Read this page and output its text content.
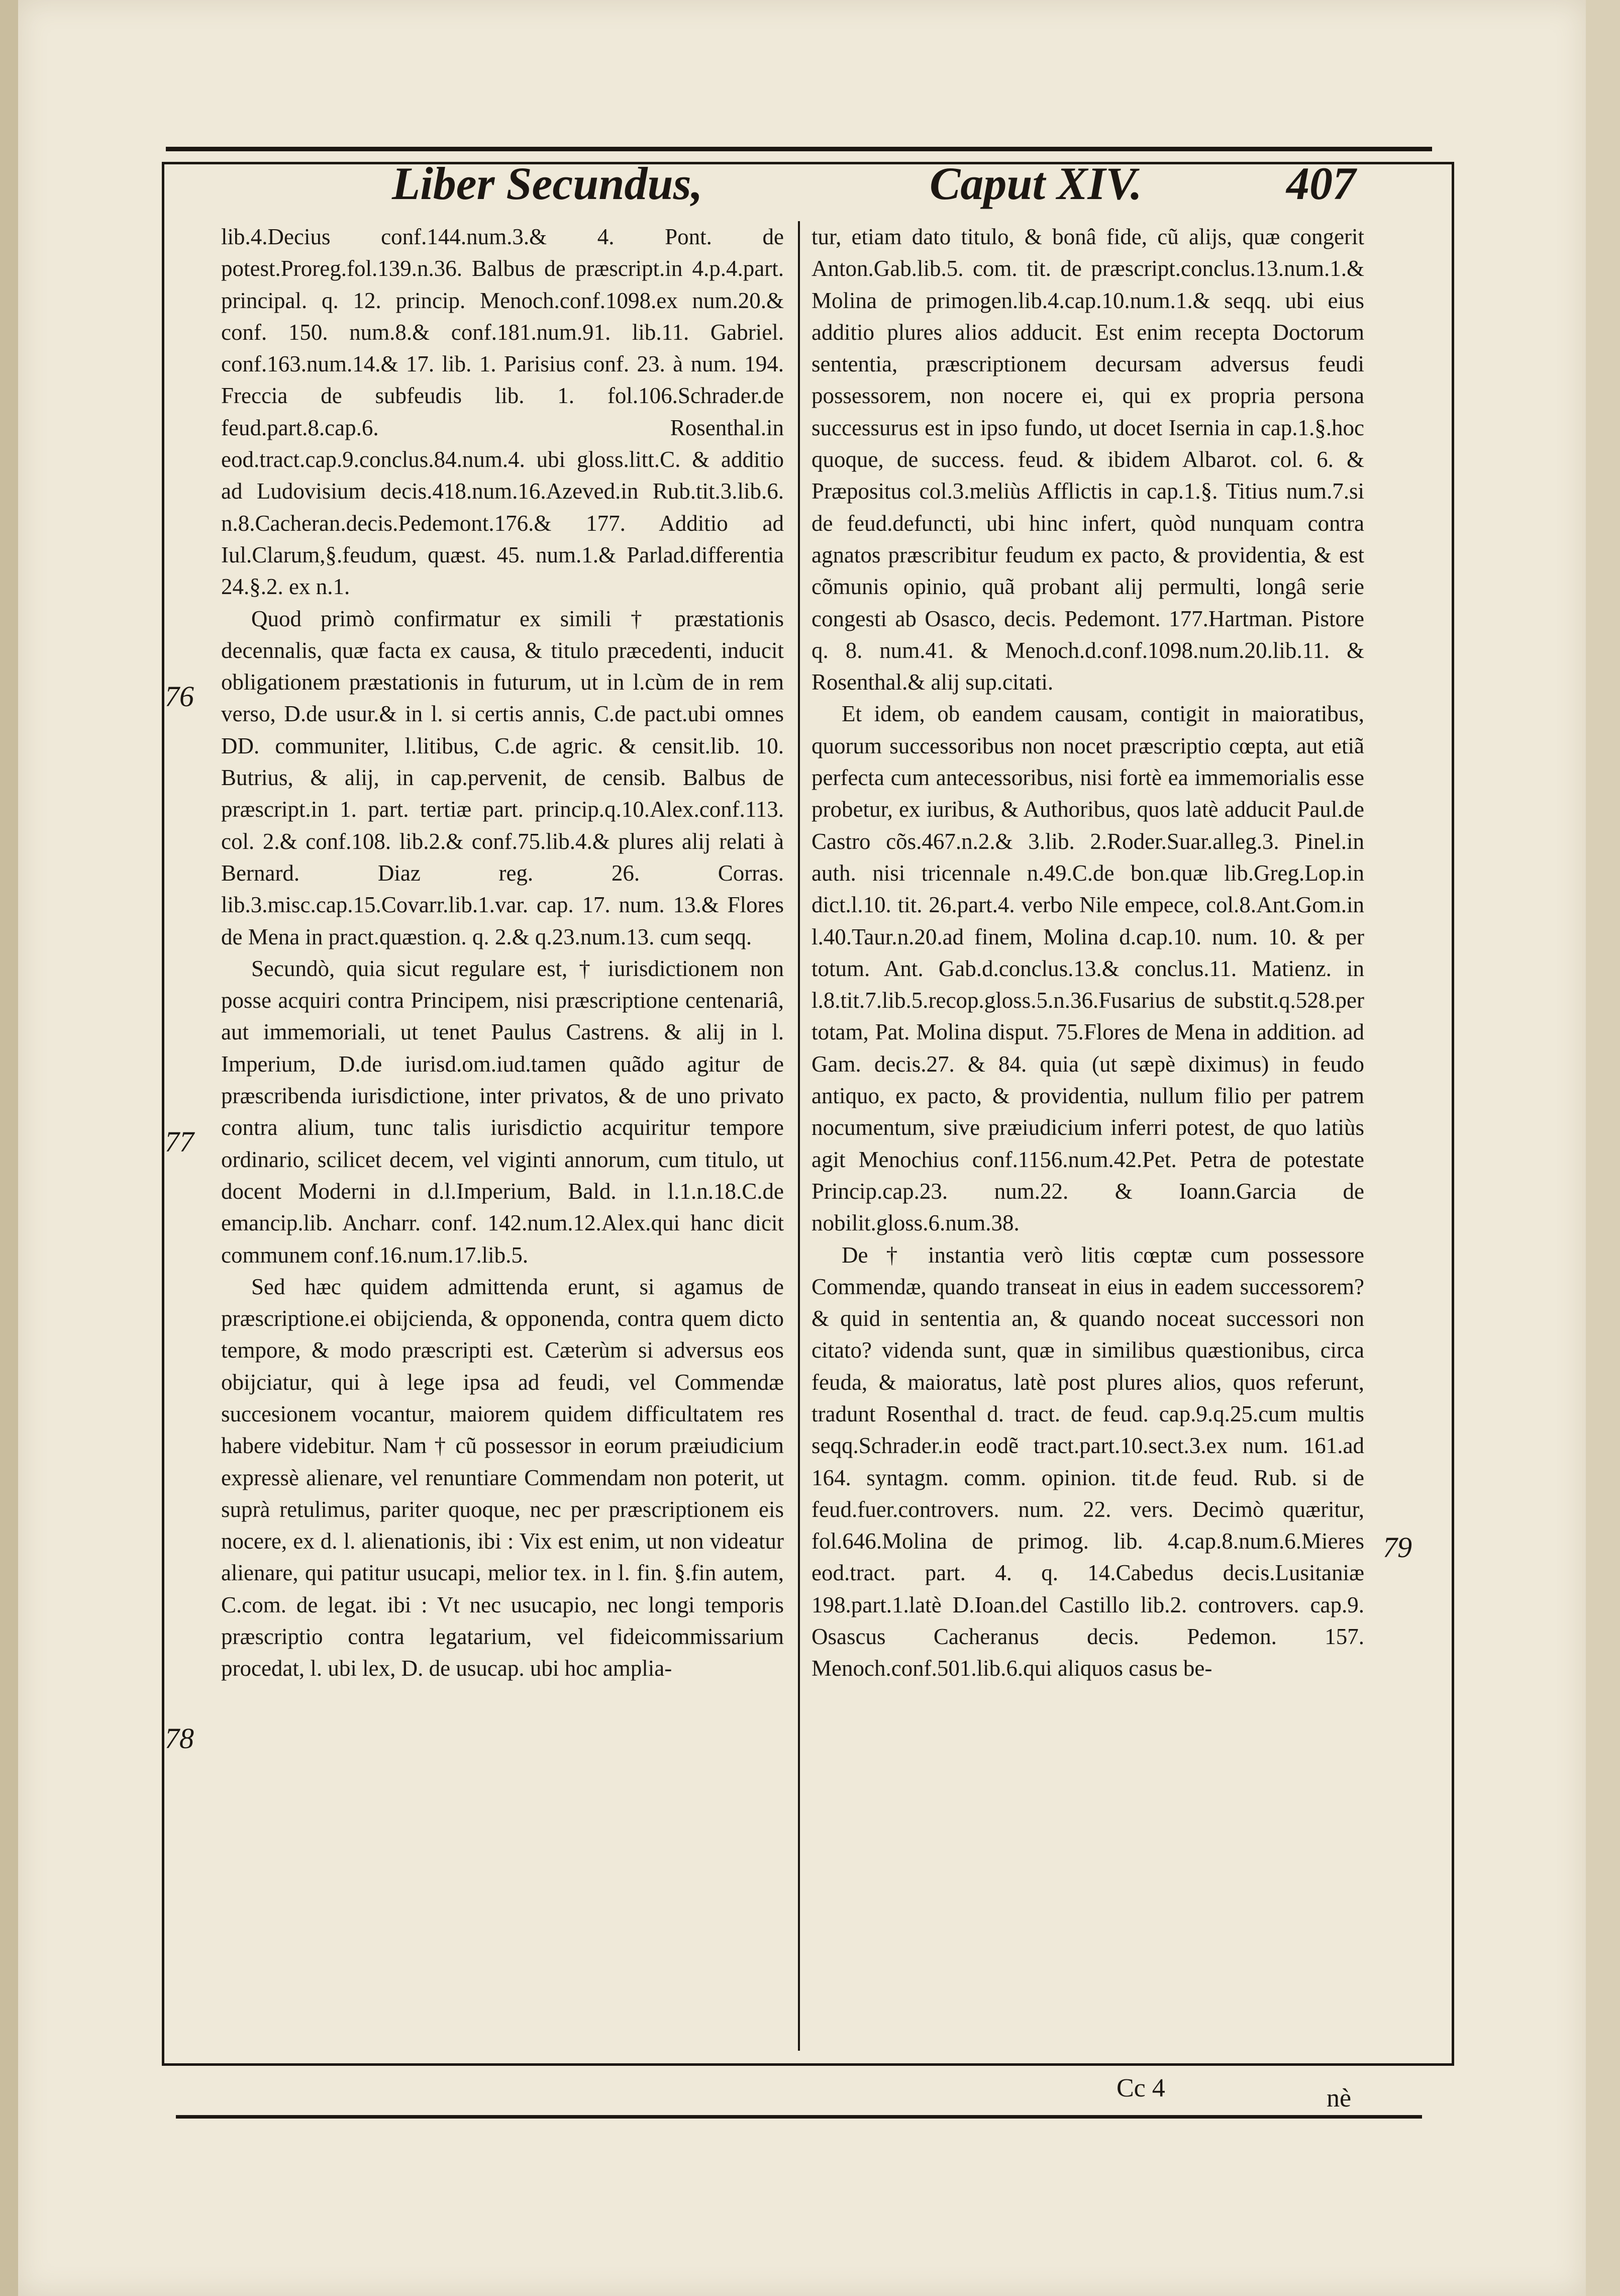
Liber Secundus,	Caput XIV.	407

lib.4.Decius conf.144.num.3.& 4. Pont. de potest.Proreg.fol.139.n.36. Balbus de præscript.in 4.p.4.part. principal. q. 12. princip. Menoch.conf.1098.ex num.20.& conf. 150. num.8.& conf.181.num.91. lib.11. Gabriel. conf.163.num.14.& 17. lib. 1. Parisius conf. 23. à num. 194. Freccia de subfeudis lib. 1. fol.106.Schrader.de feud.part.8.cap.6. Rosenthal.in eod.tract.cap.9.conclus.84.num.4. ubi gloss.litt.C. & additio ad Ludovisium decis.418.num.16.Azeved.in Rub.tit.3.lib.6. n.8.Cacheran.decis.Pedemont.176.& 177. Additio ad Iul.Clarum,§.feudum, quæst. 45. num.1.& Parlad.differentia 24.§.2. ex n.1.

Quod primò confirmatur ex simili † præstationis decennalis, quæ facta ex causa, & titulo præcedenti, inducit obligationem præstationis in futurum, ut in l.cùm de in rem verso, D.de usur.& in l. si certis annis, C.de pact.ubi omnes DD. communiter, l.litibus, C.de agric. & censit.lib. 10. Butrius, & alij, in cap.pervenit, de censib. Balbus de præscript.in 1. part. tertiæ part. princip.q.10.Alex.conf.113. col. 2.& conf.108. lib.2.& conf.75.lib.4.& plures alij relati à Bernard. Diaz reg. 26. Corras. lib.3.misc.cap.15.Covarr.lib.1.var. cap. 17. num. 13.& Flores de Mena in pract.quæstion. q. 2.& q.23.num.13. cum seqq.

Secundò, quia sicut regulare est, † iurisdictionem non posse acquiri contra Principem, nisi præscriptione centenariâ, aut immemoriali, ut tenet Paulus Castrens. & alij in l. Imperium, D.de iurisd.om.iud.tamen quãdo agitur de præscribenda iurisdictione, inter privatos, & de uno privato contra alium, tunc talis iurisdictio acquiritur tempore ordinario, scilicet decem, vel viginti annorum, cum titulo, ut docent Moderni in d.l.Imperium, Bald. in l.1.n.18.C.de emancip.lib. Ancharr. conf. 142.num.12.Alex.qui hanc dicit communem conf.16.num.17.lib.5.

Sed hæc quidem admittenda erunt, si agamus de præscriptione.ei obijcienda, & opponenda, contra quem dicto tempore, & modo præscripti est. Cæterùm si adversus eos obijciatur, qui à lege ipsa ad feudi, vel Commendæ succesionem vocantur, maiorem quidem difficultatem res habere videbitur. Nam † cũ possessor in eorum præiudicium expressè alienare, vel renuntiare Commendam non poterit, ut suprà retulimus, pariter quoque, nec per præscriptionem eis nocere, ex d. l. alienationis, ibi : Vix est enim, ut non videatur alienare, qui patitur usucapi, melior tex. in l. fin. §.fin autem, C.com. de legat. ibi : Vt nec usucapio, nec longi temporis præscriptio contra legatarium, vel fideicommissarium procedat, l. ubi lex, D. de usucap. ubi hoc amplia-

tur, etiam dato titulo, & bonâ fide, cũ alijs, quæ congerit Anton.Gab.lib.5. com. tit. de præscript.conclus.13.num.1.& Molina de primogen.lib.4.cap.10.num.1.& seqq. ubi eius additio plures alios adducit. Est enim recepta Doctorum sententia, præscriptionem decursam adversus feudi possessorem, non nocere ei, qui ex propria persona successurus est in ipso fundo, ut docet Isernia in cap.1.§.hoc quoque, de success. feud. & ibidem Albarot. col. 6. & Præpositus col.3.meliùs Afflictis in cap.1.§. Titius num.7.si de feud.defuncti, ubi hinc infert, quòd nunquam contra agnatos præscribitur feudum ex pacto, & providentia, & est cõmunis opinio, quã probant alij permulti, longâ serie congesti ab Osasco, decis. Pedemont. 177.Hartman. Pistore q. 8. num.41. & Menoch.d.conf.1098.num.20.lib.11. & Rosenthal.& alij sup.citati.

Et idem, ob eandem causam, contigit in maioratibus, quorum successoribus non nocet præscriptio cœpta, aut etiã perfecta cum antecessoribus, nisi fortè ea immemorialis esse probetur, ex iuribus, & Authoribus, quos latè adducit Paul.de Castro cõs.467.n.2.& 3.lib. 2.Roder.Suar.alleg.3. Pinel.in auth. nisi tricennale n.49.C.de bon.quæ lib.Greg.Lop.in dict.l.10. tit. 26.part.4. verbo Nile empece, col.8.Ant.Gom.in l.40.Taur.n.20.ad finem, Molina d.cap.10. num. 10. & per totum. Ant. Gab.d.conclus.13.& conclus.11. Matienz. in l.8.tit.7.lib.5.recop.gloss.5.n.36.Fusarius de substit.q.528.per totam, Pat. Molina disput. 75.Flores de Mena in addition. ad Gam. decis.27. & 84. quia (ut sæpè diximus) in feudo antiquo, ex pacto, & providentia, nullum filio per patrem nocumentum, sive præiudicium inferri potest, de quo latiùs agit Menochius conf.1156.num.42.Pet. Petra de potestate Princip.cap.23. num.22. & Ioann.Garcia de nobilit.gloss.6.num.38.

De † instantia verò litis cœptæ cum possessore Commendæ, quando transeat in eius in eadem successorem? & quid in sententia an, & quando noceat successori non citato? videnda sunt, quæ in similibus quæstionibus, circa feuda, & maioratus, latè post plures alios, quos referunt, tradunt Rosenthal d. tract. de feud. cap.9.q.25.cum multis seqq.Schrader.in eodẽ tract.part.10.sect.3.ex num. 161.ad 164. syntagm. comm. opinion. tit.de feud. Rub. si de feud.fuer.controvers. num. 22. vers. Decimò quæritur, fol.646.Molina de primog. lib. 4.cap.8.num.6.Mieres eod.tract. part. 4. q. 14.Cabedus decis.Lusitaniæ 198.part.1.latè D.Ioan.del Castillo lib.2. controvers. cap.9. Osascus Cacheranus decis. Pedemon. 157. Menoch.conf.501.lib.6.qui aliquos casus be-

76
77
78
79
Cc 4	nè
